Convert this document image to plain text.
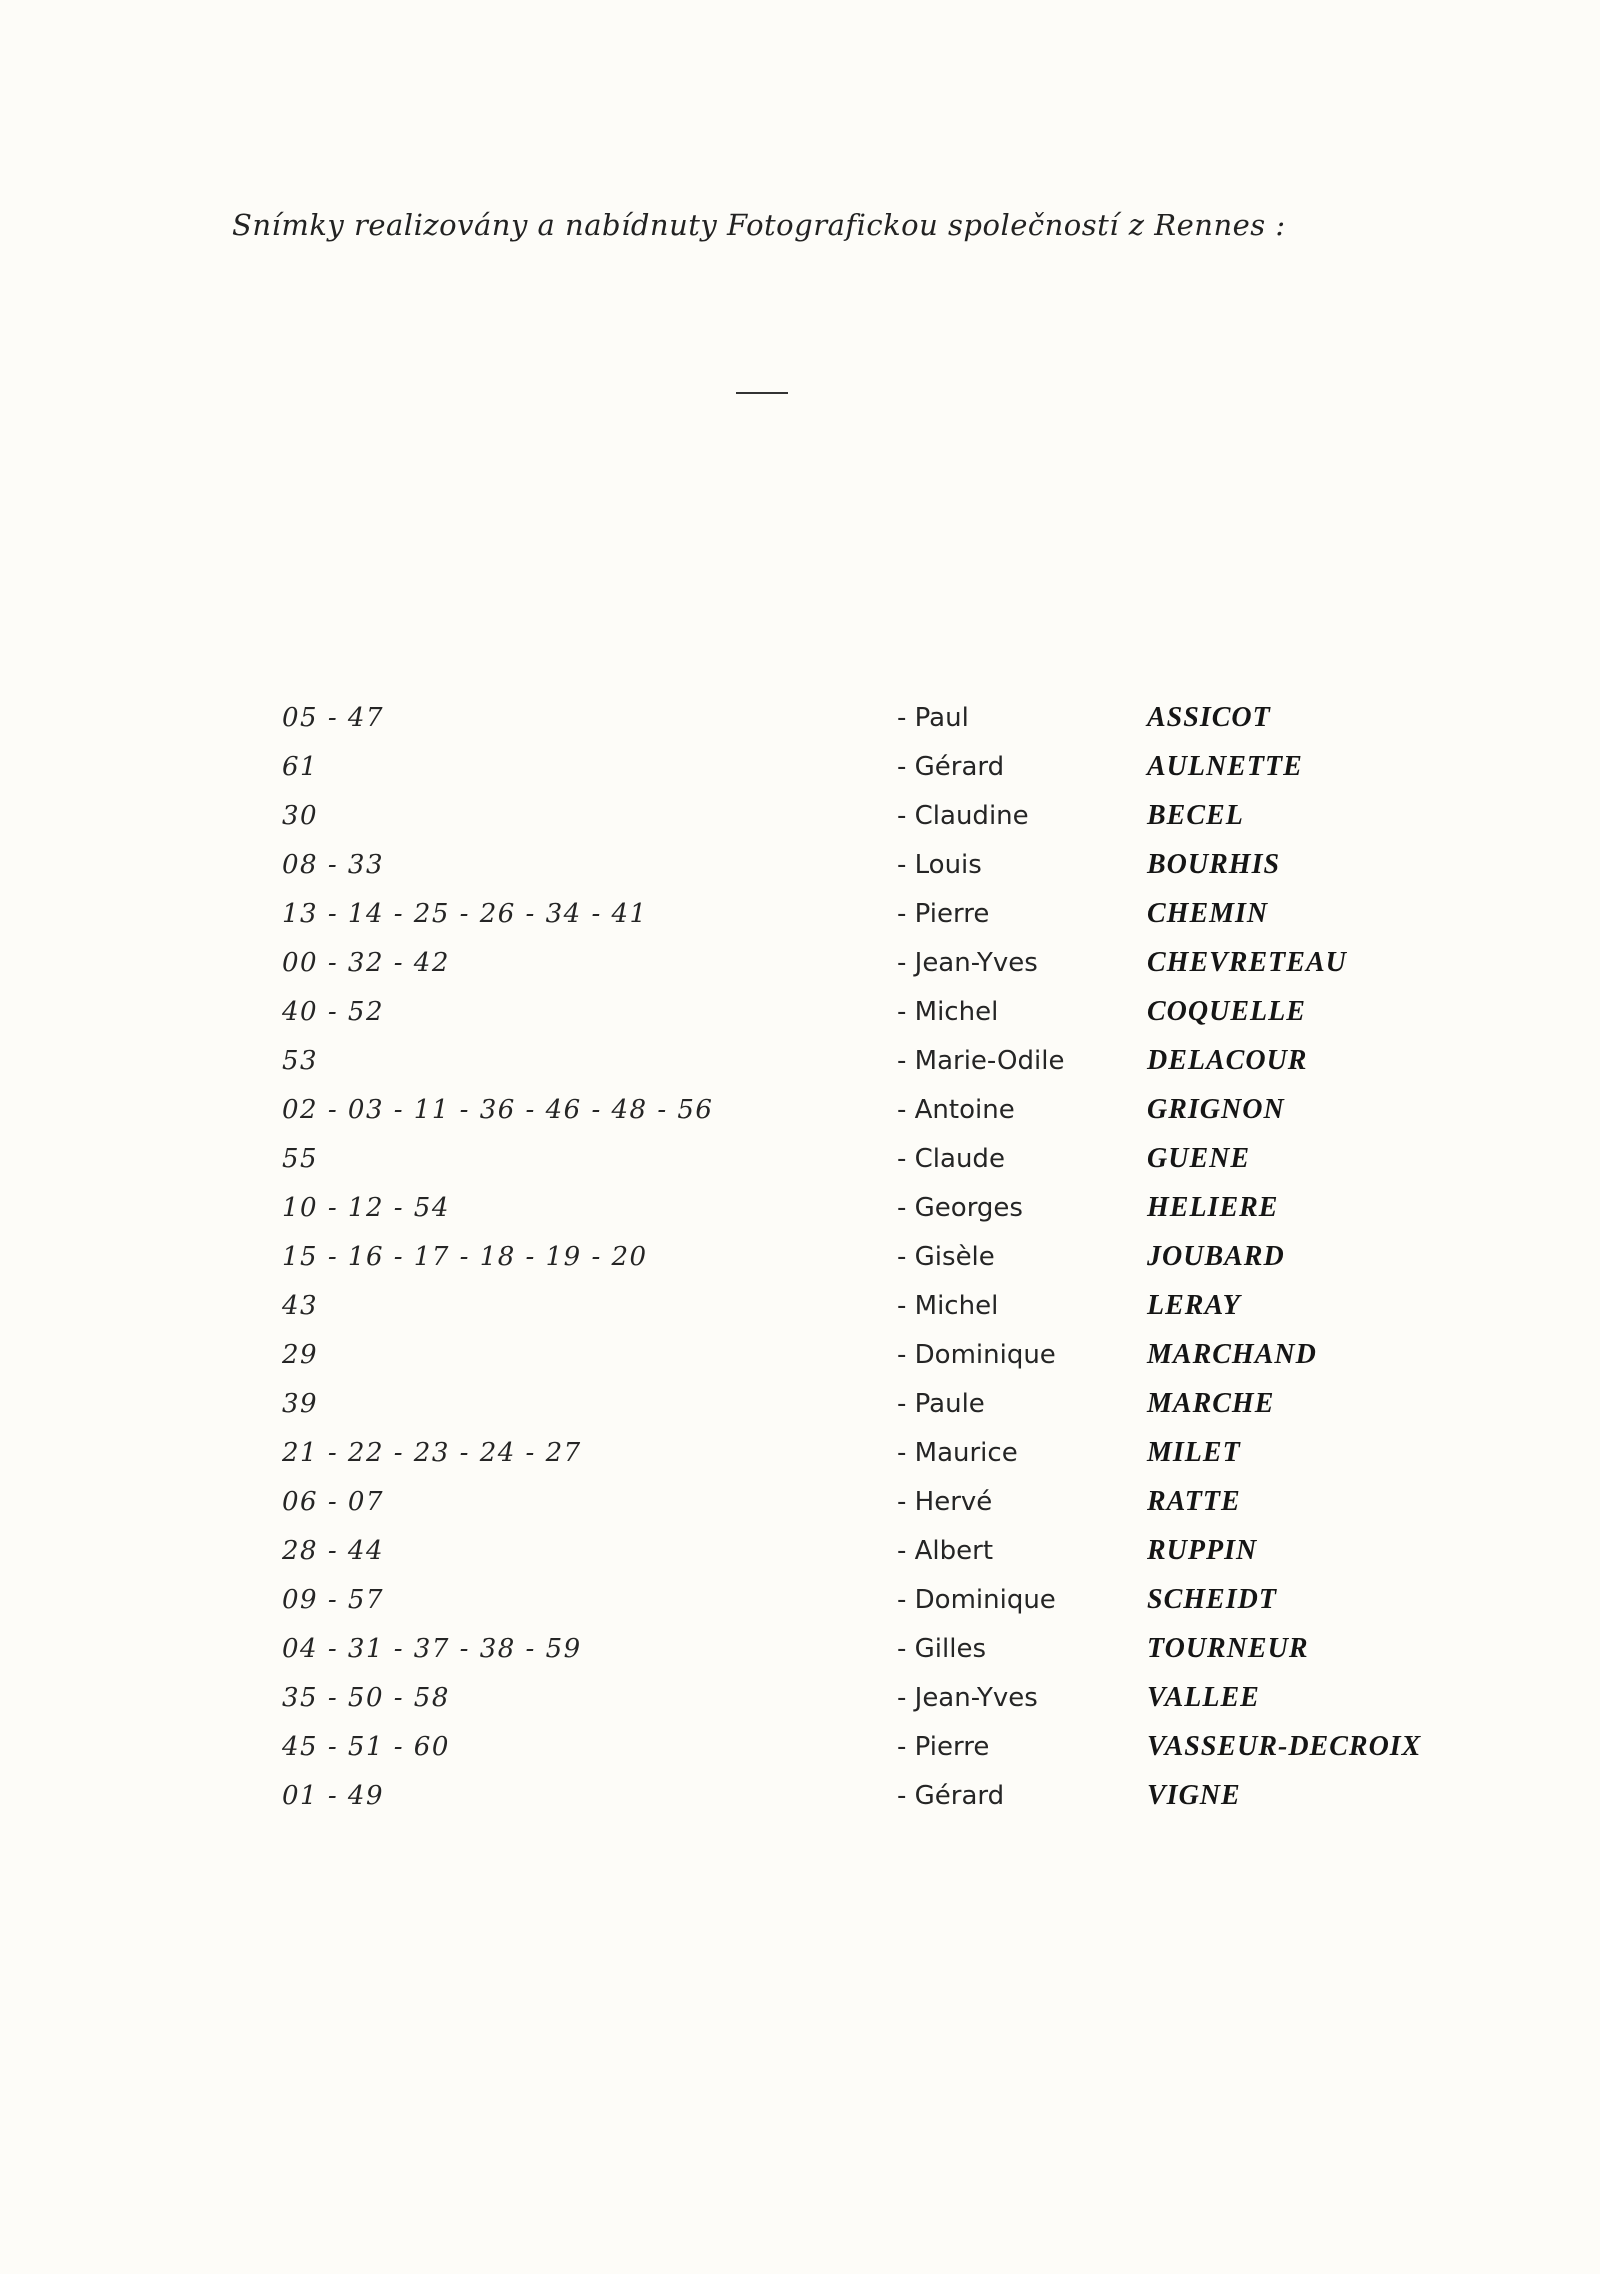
Snímky realizovány a nabídnuty Fotografickou společností z Rennes :
05 - 47	- Paul	ASSICOT
61	- Gérard	AULNETTE
30	- Claudine	BECEL
08 - 33	- Louis	BOURHIS
13 - 14 - 25 - 26 - 34 - 41	- Pierre	CHEMIN
00 - 32 - 42	- Jean-Yves	CHEVRETEAU
40 - 52	- Michel	COQUELLE
53	- Marie-Odile	DELACOUR
02 - 03 - 11 - 36 - 46 - 48 - 56	- Antoine	GRIGNON
55	- Claude	GUENE
10 - 12 - 54	- Georges	HELIERE
15 - 16 - 17 - 18 - 19 - 20	- Gisèle	JOUBARD
43	- Michel	LERAY
29	- Dominique	MARCHAND
39	- Paule	MARCHE
21 - 22 - 23 - 24 - 27	- Maurice	MILET
06 - 07	- Hervé	RATTE
28 - 44	- Albert	RUPPIN
09 - 57	- Dominique	SCHEIDT
04 - 31 - 37 - 38 - 59	- Gilles	TOURNEUR
35 - 50 - 58	- Jean-Yves	VALLEE
45 - 51 - 60	- Pierre	VASSEUR-DECROIX
01 - 49	- Gérard	VIGNE
